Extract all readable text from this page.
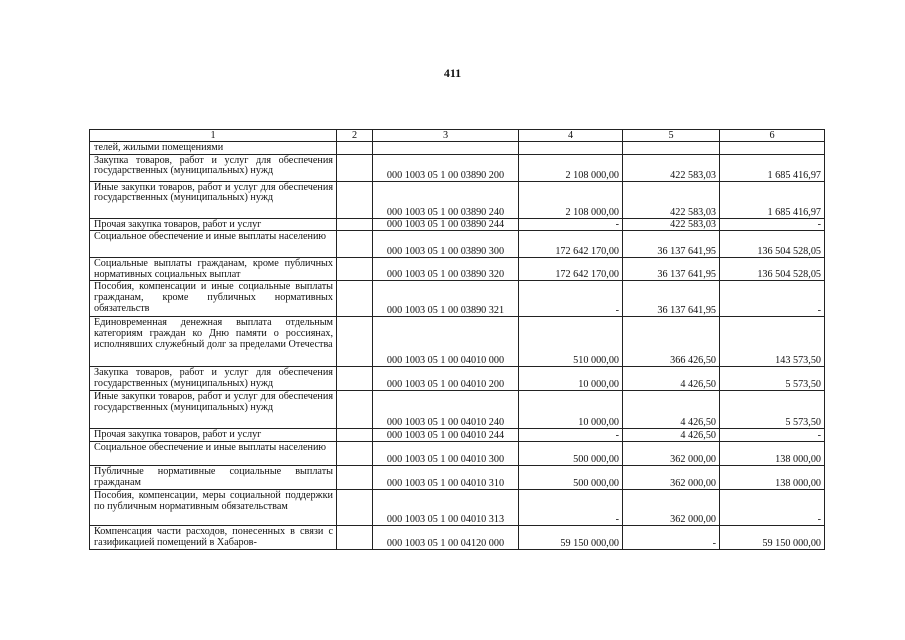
411
1	2	3	4	5	6
телей, жилыми помещениями					
Закупка товаров, работ и услуг для обеспечения государственных (муниципальных) нужд		000 1003 05 1 00 03890 200	2 108 000,00	422 583,03	1 685 416,97
Иные закупки товаров, работ и услуг для обеспечения государственных (муниципальных) нужд		000 1003 05 1 00 03890 240	2 108 000,00	422 583,03	1 685 416,97
Прочая закупка товаров, работ и услуг		000 1003 05 1 00 03890 244	-	422 583,03	-
Социальное обеспечение и иные выплаты населению		000 1003 05 1 00 03890 300	172 642 170,00	36 137 641,95	136 504 528,05
Социальные выплаты гражданам, кроме публичных нормативных социальных выплат		000 1003 05 1 00 03890 320	172 642 170,00	36 137 641,95	136 504 528,05
Пособия, компенсации и иные социальные выплаты гражданам, кроме публичных нормативных обязательств		000 1003 05 1 00 03890 321	-	36 137 641,95	-
Единовременная денежная выплата отдельным категориям граждан ко Дню памяти о россиянах, исполнявших служебный долг за пределами Отечества		000 1003 05 1 00 04010 000	510 000,00	366 426,50	143 573,50
Закупка товаров, работ и услуг для обеспечения государственных (муниципальных) нужд		000 1003 05 1 00 04010 200	10 000,00	4 426,50	5 573,50
Иные закупки товаров, работ и услуг для обеспечения государственных (муниципальных) нужд		000 1003 05 1 00 04010 240	10 000,00	4 426,50	5 573,50
Прочая закупка товаров, работ и услуг		000 1003 05 1 00 04010 244	-	4 426,50	-
Социальное обеспечение и иные выплаты населению		000 1003 05 1 00 04010 300	500 000,00	362 000,00	138 000,00
Публичные нормативные социальные выплаты гражданам		000 1003 05 1 00 04010 310	500 000,00	362 000,00	138 000,00
Пособия, компенсации, меры социальной поддержки по публичным нормативным обязательствам		000 1003 05 1 00 04010 313	-	362 000,00	-
Компенсация части расходов, понесенных в связи с газификацией помещений в Хабаров-		000 1003 05 1 00 04120 000	59 150 000,00	-	59 150 000,00
